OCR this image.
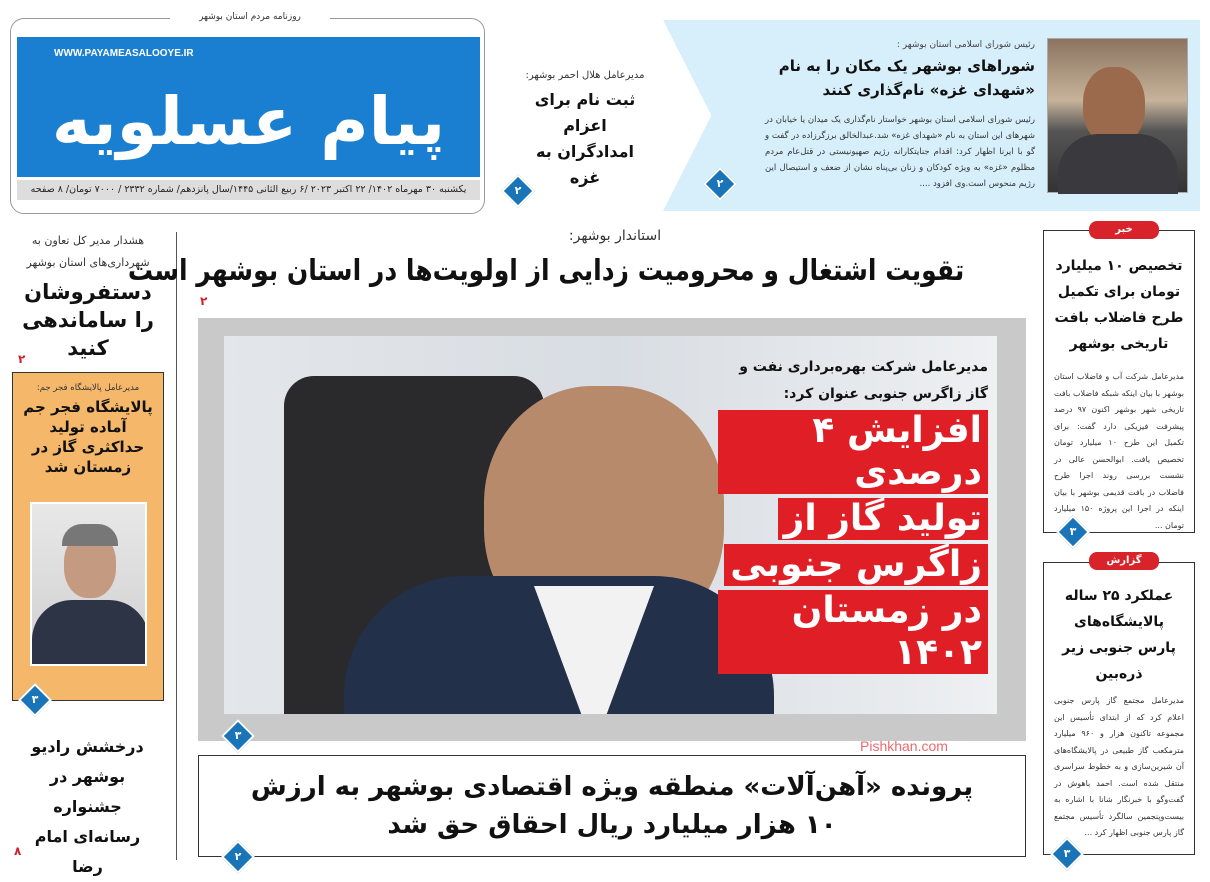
روزنامه مردم استان بوشهر
WWW.PAYAMEASALOOYE.IR
پیام عسلویه
یکشنبه ۳۰ مهرماه ۱۴۰۲/ ۲۲ اکتبر ۲۰۲۳ /۶ ربیع الثانی ۱۴۴۵/سال پانزدهم/ شماره ۲۳۳۲ / ۷۰۰۰ تومان/ ۸ صفحه
مدیرعامل هلال احمر بوشهر:
ثبت نام برای اعزام امدادگران به غزه
۲
رئیس شورای اسلامی استان بوشهر :
شوراهای بوشهر یک مکان را به نام «شهدای غزه» نام‌گذاری کنند
رئیس شورای اسلامی استان بوشهر خواستار نام‌گذاری یک میدان یا خیابان در شهرهای این استان به نام «شهدای غزه» شد.عبدالخالق برزگرزاده در گفت و گو با ایرنا اظهار کرد: اقدام جنایتکارانه رژیم صهیونیستی در قتل‌عام مردم مظلوم «غزه» به ویژه کودکان و زنان بی‌پناه نشان از ضعف و استیصال این رژیم منحوس است.وی افزود ....
۲
استاندار بوشهر:
تقویت اشتغال و محرومیت زدایی از اولویت‌ها در استان بوشهر است
۲
مدیرعامل شرکت بهره‌برداری نفت و گاز زاگرس جنوبی عنوان کرد:
افزایش ۴ درصدی
تولید گاز از
زاگرس جنوبی
در زمستان ۱۴۰۲
۳
پرونده «آهن‌آلات» منطقه ویژه اقتصادی بوشهر به ارزش
۱۰ هزار میلیارد ریال احقاق حق شد
Pishkhan.com
۲
هشدار مدیر کل تعاون به شهرداری‌های استان بوشهر
دستفروشان را ساماندهی کنید
۲
مدیرعامل پالایشگاه فجر جم:
پالایشگاه فجر جم آماده تولید حداکثری گاز در زمستان شد
۳
درخشش رادیو بوشهر در جشنواره رسانه‌ای امام رضا
۸
تخصیص ۱۰ میلیارد تومان برای تکمیل طرح فاضلاب بافت تاریخی بوشهر
مدیرعامل شرکت آب و فاضلاب استان بوشهر با بیان اینکه شبکه فاضلاب بافت تاریخی شهر بوشهر اکنون ۹۷ درصد پیشرفت فیزیکی دارد گفت: برای تکمیل این طرح ۱۰ میلیارد تومان تخصیص یافت. ابوالحسن عالی در نشست بررسی روند اجرا طرح فاضلاب در بافت قدیمی بوشهر با بیان اینکه در اجرا این پروژه ۱۵۰ میلیارد تومان ...
خبر
۳
عملکرد ۲۵ ساله پالایشگاه‌های پارس جنوبی زیر ذره‌بین
مدیرعامل مجتمع گاز پارس جنوبی اعلام کرد که از ابتدای تأسیس این مجموعه تاکنون هزار و ۹۶۰ میلیارد مترمکعب گاز طبیعی در پالایشگاه‌های آن شیرین‌سازی و به خطوط سراسری منتقل شده است. احمد باهوش در گفت‌وگو با خبرنگار شانا با اشاره به بیست‌وپنجمین سالگرد تأسیس مجتمع گاز پارس جنوبی اظهار کرد ...
گزارش
۳
